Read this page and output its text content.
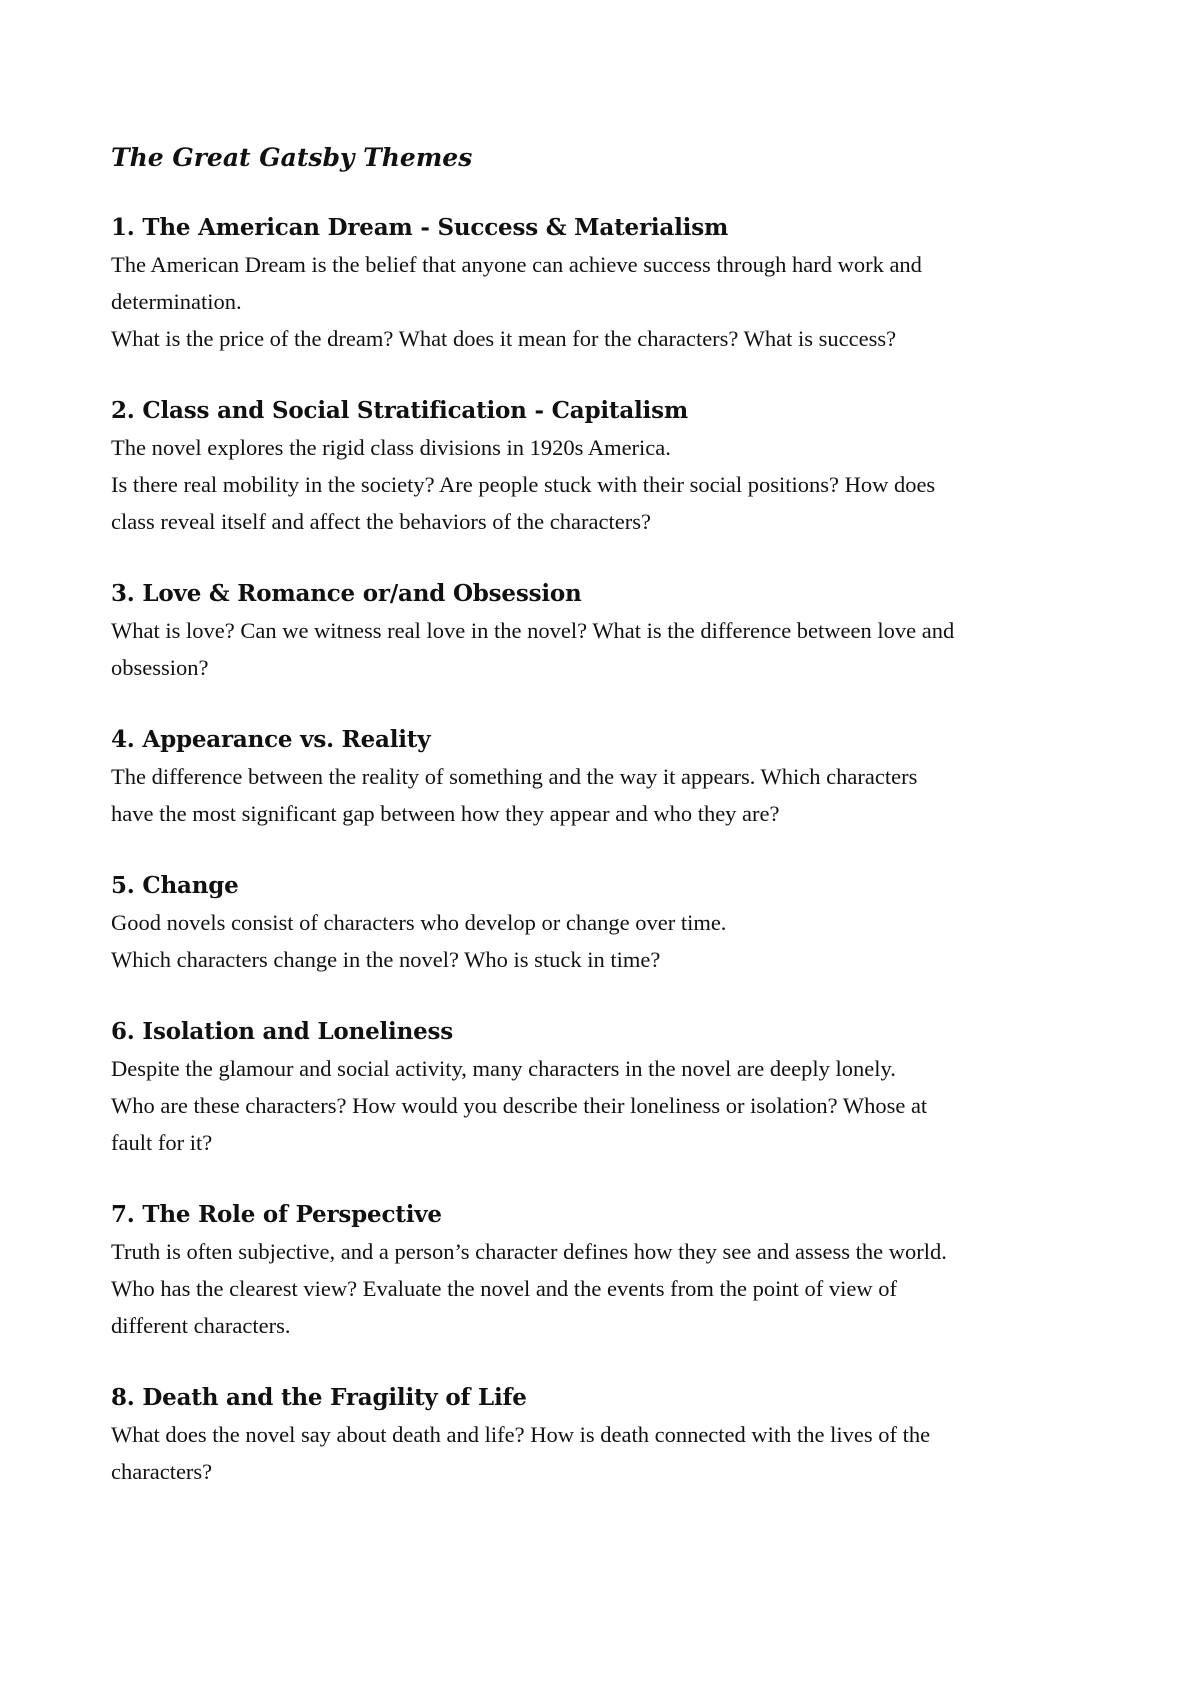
The Great Gatsby Themes
1. The American Dream - Success & Materialism

The American Dream is the belief that anyone can achieve success through hard work and

determination.

What is the price of the dream? What does it mean for the characters? What is success?

2. Class and Social Stratification - Capitalism

The novel explores the rigid class divisions in 1920s America.

Is there real mobility in the society? Are people stuck with their social positions? How does

class reveal itself and affect the behaviors of the characters?

3. Love & Romance or/and Obsession

What is love? Can we witness real love in the novel? What is the difference between love and

obsession?

4. Appearance vs. Reality

The difference between the reality of something and the way it appears. Which characters

have the most significant gap between how they appear and who they are?

5. Change

Good novels consist of characters who develop or change over time.

Which characters change in the novel? Who is stuck in time?

6. Isolation and Loneliness

Despite the glamour and social activity, many characters in the novel are deeply lonely.

Who are these characters? How would you describe their loneliness or isolation? Whose at

fault for it?

7. The Role of Perspective

Truth is often subjective, and a person’s character defines how they see and assess the world.

Who has the clearest view? Evaluate the novel and the events from the point of view of

different characters.

8. Death and the Fragility of Life

What does the novel say about death and life? How is death connected with the lives of the

characters?
